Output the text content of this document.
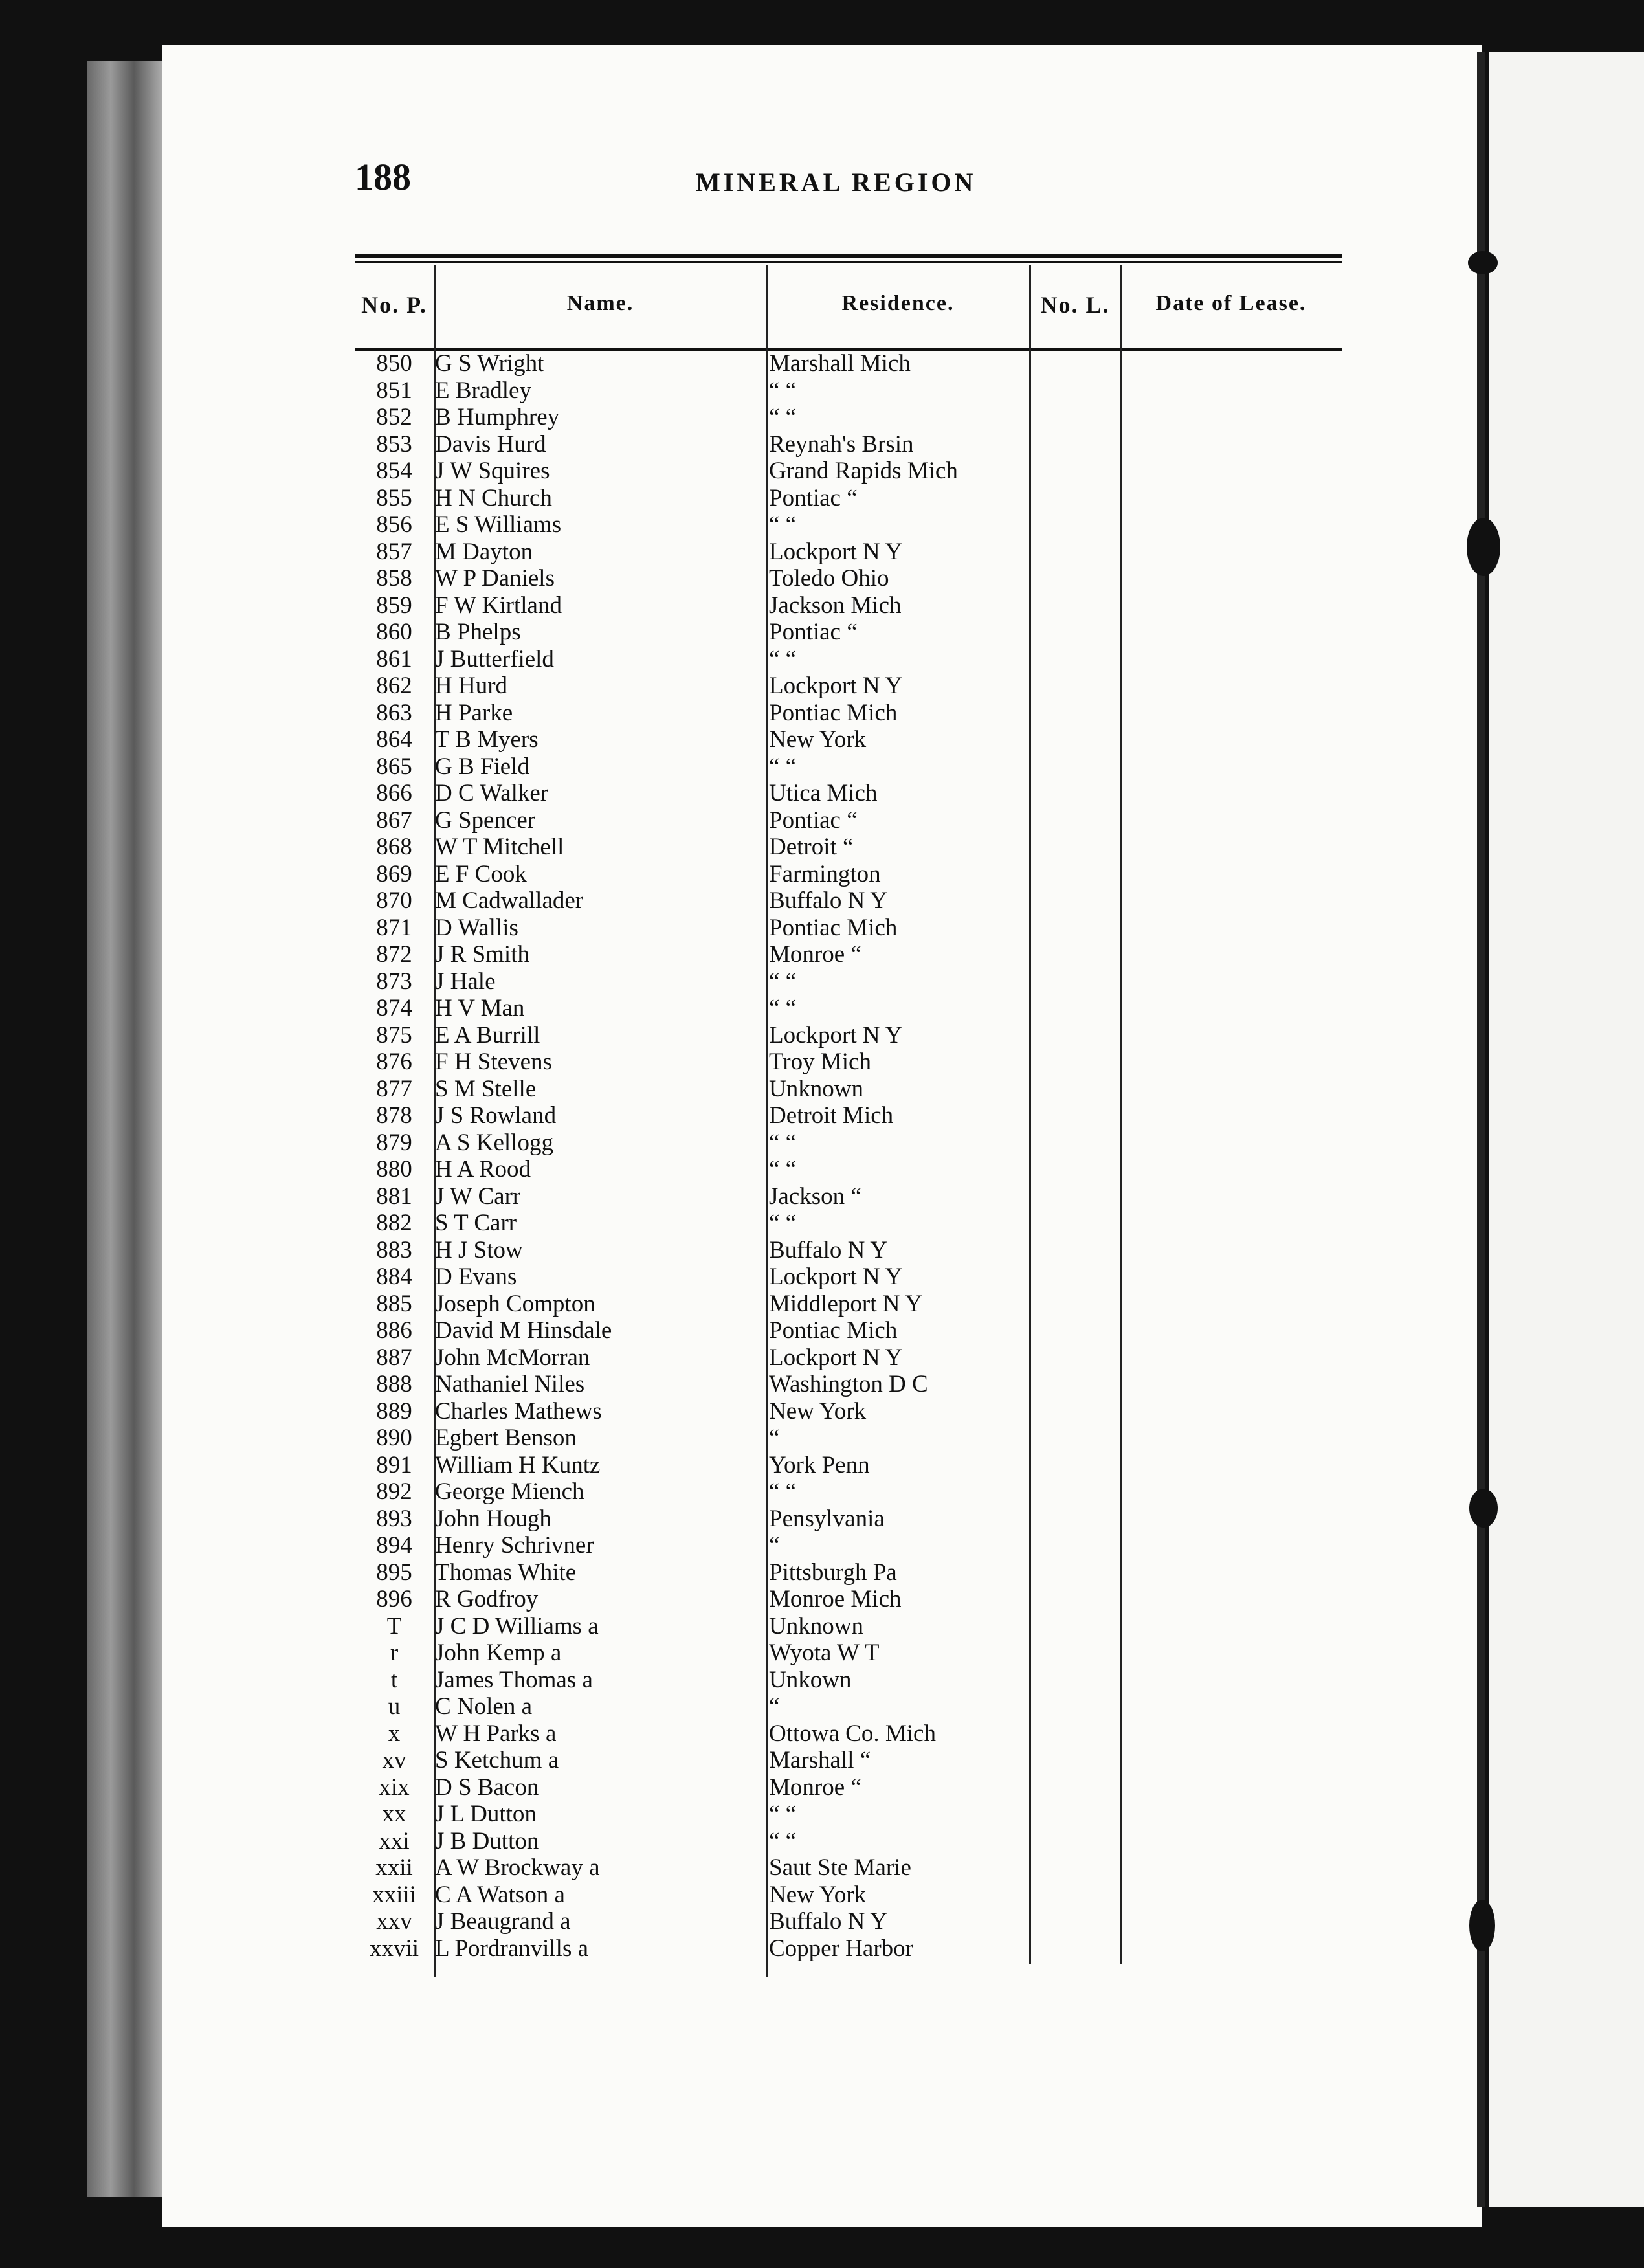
188	MINERAL REGION
No. P.	Name.	Residence.	No. L.	Date of Lease.
850 G S Wright	Marshall Mich
851 E Bradley	“ “
852 B Humphrey	“ “
853 Davis Hurd	Reynah's Brsin
854 J W Squires	Grand Rapids Mich
855 H N Church	Pontiac “
856 E S Williams	“ “
857 M Dayton	Lockport N Y
858 W P Daniels	Toledo Ohio
859 F W Kirtland	Jackson Mich
860 B Phelps	Pontiac “
861 J Butterfield	“ “
862 H Hurd	Lockport N Y
863 H Parke	Pontiac Mich
864 T B Myers	New York
865 G B Field	“ “
866 D C Walker	Utica Mich
867 G Spencer	Pontiac “
868 W T Mitchell	Detroit “
869 E F Cook	Farmington
870 M Cadwallader	Buffalo N Y
871 D Wallis	Pontiac Mich
872 J R Smith	Monroe “
873 J Hale	“ “
874 H V Man	“ “
875 E A Burrill	Lockport N Y
876 F H Stevens	Troy Mich
877 S M Stelle	Unknown
878 J S Rowland	Detroit Mich
879 A S Kellogg	“ “
880 H A Rood	“ “
881 J W Carr	Jackson “
882 S T Carr	“ “
883 H J Stow	Buffalo N Y
884 D Evans	Lockport N Y
885 Joseph Compton	Middleport N Y
886 David M Hinsdale	Pontiac Mich
887 John McMorran	Lockport N Y
888 Nathaniel Niles	Washington D C
889 Charles Mathews	New York
890 Egbert Benson	“
891 William H Kuntz	York Penn
892 George Miench	“ “
893 John Hough	Pensylvania
894 Henry Schrivner	“
895 Thomas White	Pittsburgh Pa
896 R Godfroy	Monroe Mich
T	J C D Williams a	Unknown
r	John Kemp a	Wyota W T
t	James Thomas a	Unkown
u	C Nolen a	“
x	W H Parks a	Ottowa Co. Mich
xv	S Ketchum a	Marshall “
xix	D S Bacon	Monroe “
xx	J L Dutton	“ “
xxi	J B Dutton	“ “
xxii A W Brockway a	Saut Ste Marie
xxiii C A Watson a	New York
xxv J Beaugrand a	Buffalo N Y
xxvii L Pordranvills a	Copper Harbor
